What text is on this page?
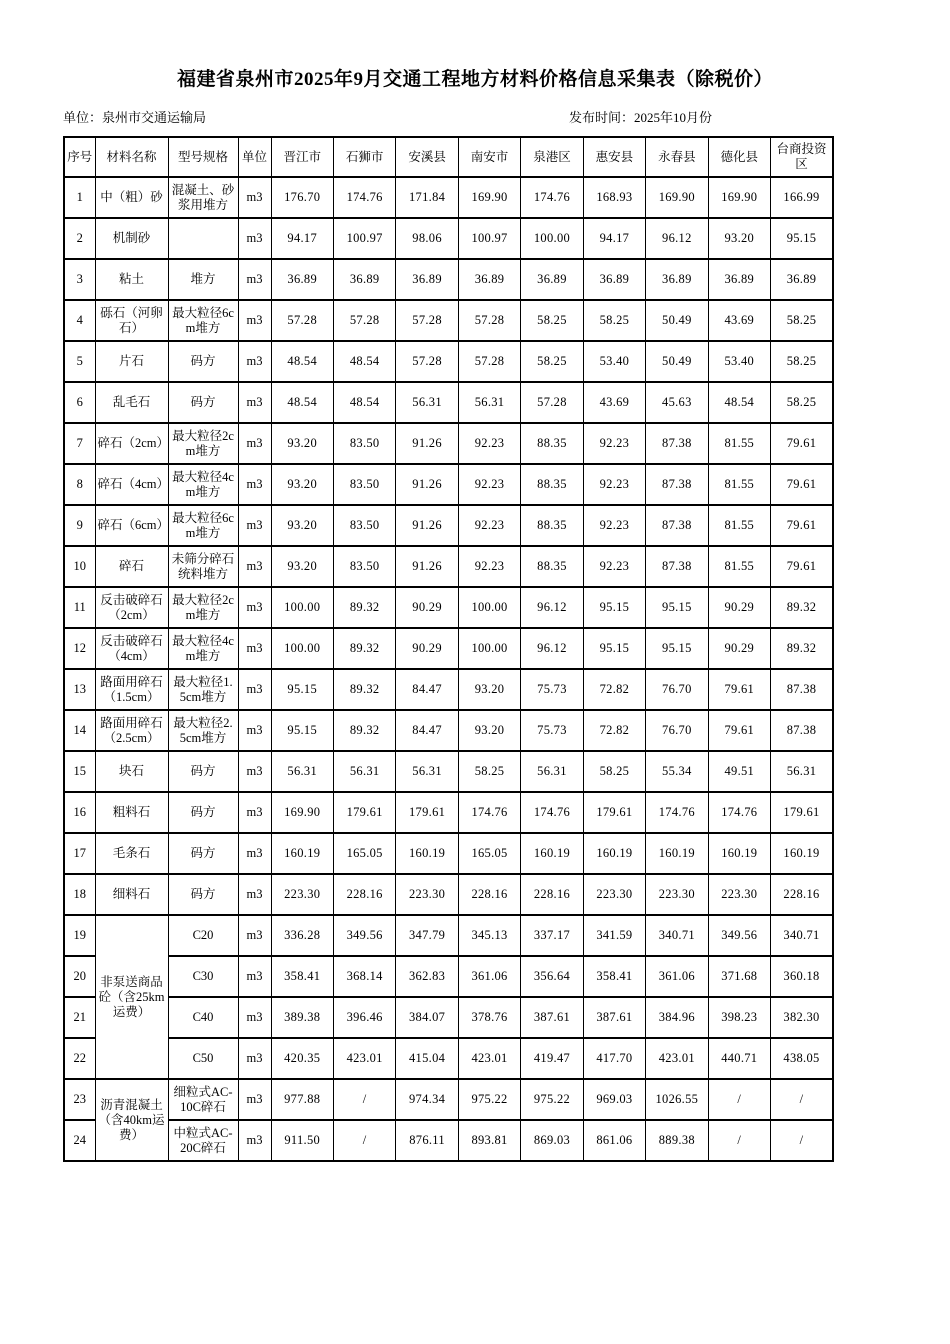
福建省泉州市2025年9月交通工程地方材料价格信息采集表（除税价）
单位：泉州市交通运输局	发布时间：2025年10月份
序号	材料名称	型号规格	单位	晋江市	石狮市	安溪县	南安市	泉港区	惠安县	永春县	德化县	台商投资区
1	中（粗）砂	混凝土、砂浆用堆方	m3	176.70	174.76	171.84	169.90	174.76	168.93	169.90	169.90	166.99
2	机制砂		m3	94.17	100.97	98.06	100.97	100.00	94.17	96.12	93.20	95.15
3	粘土	堆方	m3	36.89	36.89	36.89	36.89	36.89	36.89	36.89	36.89	36.89
4	砾石（河卵石）	最大粒径6cm堆方	m3	57.28	57.28	57.28	57.28	58.25	58.25	50.49	43.69	58.25
5	片石	码方	m3	48.54	48.54	57.28	57.28	58.25	53.40	50.49	53.40	58.25
6	乱毛石	码方	m3	48.54	48.54	56.31	56.31	57.28	43.69	45.63	48.54	58.25
7	碎石（2cm）	最大粒径2cm堆方	m3	93.20	83.50	91.26	92.23	88.35	92.23	87.38	81.55	79.61
8	碎石（4cm）	最大粒径4cm堆方	m3	93.20	83.50	91.26	92.23	88.35	92.23	87.38	81.55	79.61
9	碎石（6cm）	最大粒径6cm堆方	m3	93.20	83.50	91.26	92.23	88.35	92.23	87.38	81.55	79.61
10	碎石	未筛分碎石统料堆方	m3	93.20	83.50	91.26	92.23	88.35	92.23	87.38	81.55	79.61
11	反击破碎石（2cm）	最大粒径2cm堆方	m3	100.00	89.32	90.29	100.00	96.12	95.15	95.15	90.29	89.32
12	反击破碎石（4cm）	最大粒径4cm堆方	m3	100.00	89.32	90.29	100.00	96.12	95.15	95.15	90.29	89.32
13	路面用碎石（1.5cm）	最大粒径1.5cm堆方	m3	95.15	89.32	84.47	93.20	75.73	72.82	76.70	79.61	87.38
14	路面用碎石（2.5cm）	最大粒径2.5cm堆方	m3	95.15	89.32	84.47	93.20	75.73	72.82	76.70	79.61	87.38
15	块石	码方	m3	56.31	56.31	56.31	58.25	56.31	58.25	55.34	49.51	56.31
16	粗料石	码方	m3	169.90	179.61	179.61	174.76	174.76	179.61	174.76	174.76	179.61
17	毛条石	码方	m3	160.19	165.05	160.19	165.05	160.19	160.19	160.19	160.19	160.19
18	细料石	码方	m3	223.30	228.16	223.30	228.16	228.16	223.30	223.30	223.30	228.16
19	非泵送商品砼（含25km运费）	C20	m3	336.28	349.56	347.79	345.13	337.17	341.59	340.71	349.56	340.71
20		C30	m3	358.41	368.14	362.83	361.06	356.64	358.41	361.06	371.68	360.18
21		C40	m3	389.38	396.46	384.07	378.76	387.61	387.61	384.96	398.23	382.30
22		C50	m3	420.35	423.01	415.04	423.01	419.47	417.70	423.01	440.71	438.05
23	沥青混凝土（含40km运费）	细粒式AC-10C碎石	m3	977.88	/	974.34	975.22	975.22	969.03	1026.55	/	/
24		中粒式AC-20C碎石	m3	911.50	/	876.11	893.81	869.03	861.06	889.38	/	/
